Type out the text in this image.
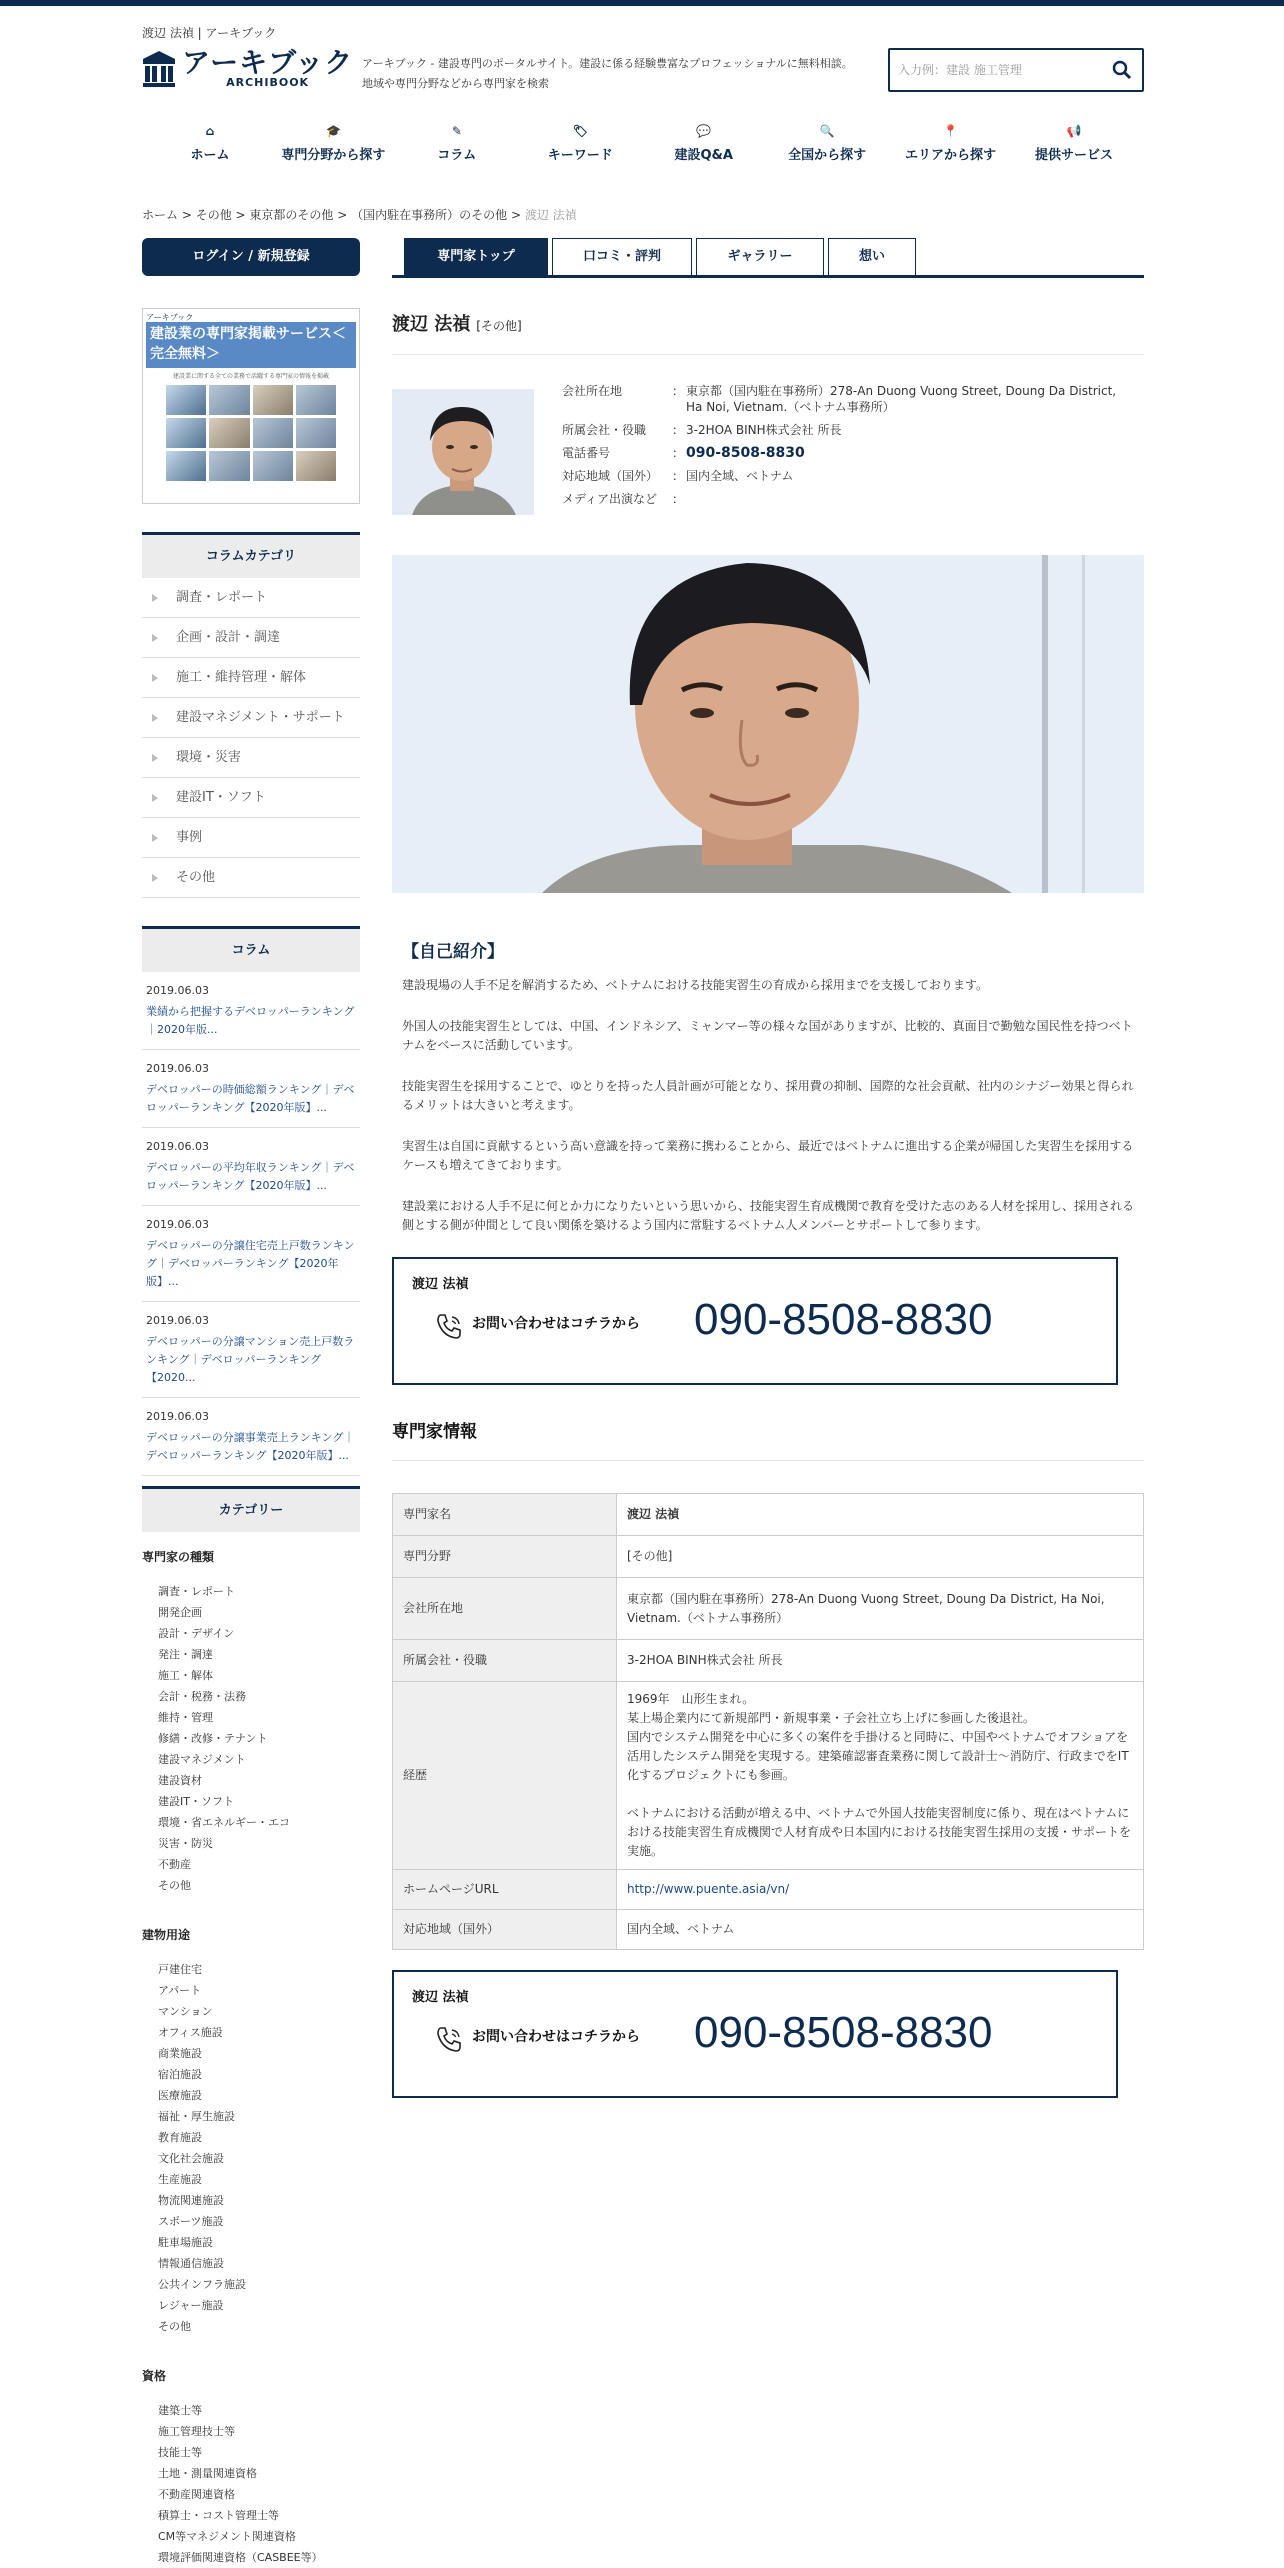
渡辺 法禎 | アーキブック
アーキブック
ARCHIBOOK
アーキブック - 建設専門のポータルサイト。建設に係る経験豊富なプロフェッショナルに無料相談。地域や専門分野などから専門家を検索
入力例：建設 施工管理
⌂
ホーム
🎓
専門分野から探す
✎
コラム
🏷
キーワード
💬
建設Q&A
🔍
全国から探す
📍
エリアから探す
📢
提供サービス
ホーム > その他 > 東京都のその他 > （国内駐在事務所）のその他 > 渡辺 法禎
ログイン / 新規登録
アーキブック
建設業の専門家掲載サービス＜完全無料＞
建設業に関する全ての業務で活躍する専門家の情報を掲載
コラムカテゴリ
調査・レポート
企画・設計・調達
施工・維持管理・解体
建設マネジメント・サポート
環境・災害
建設IT・ソフト
事例
その他
コラム
2019.06.03
業績から把握するデベロッパーランキング｜2020年版...
2019.06.03
デベロッパーの時価総額ランキング｜デベロッパーランキング【2020年版】...
2019.06.03
デベロッパーの平均年収ランキング｜デベロッパーランキング【2020年版】...
2019.06.03
デベロッパーの分譲住宅売上戸数ランキング｜デベロッパーランキング【2020年版】...
2019.06.03
デベロッパーの分譲マンション売上戸数ランキング｜デベロッパーランキング【2020...
2019.06.03
デベロッパーの分譲事業売上ランキング｜デベロッパーランキング【2020年版】...
カテゴリー
専門家の種類
調査・レポート
開発企画
設計・デザイン
発注・調達
施工・解体
会計・税務・法務
維持・管理
修繕・改修・テナント
建設マネジメント
建設資材
建設IT・ソフト
環境・省エネルギー・エコ
災害・防災
不動産
その他
建物用途
戸建住宅
アパート
マンション
オフィス施設
商業施設
宿泊施設
医療施設
福祉・厚生施設
教育施設
文化社会施設
生産施設
物流関連施設
スポーツ施設
駐車場施設
情報通信施設
公共インフラ施設
レジャー施設
その他
資格
建築士等
施工管理技士等
技能士等
土地・測量関連資格
不動産関連資格
積算士・コスト管理士等
CM等マネジメント関連資格
環境評価関連資格（CASBEE等）
専門家トップ	口コミ・評判	ギャラリー	想い
渡辺 法禎 [その他]
会社所在地	： 東京都（国内駐在事務所）278-An Duong Vuong Street, Doung Da District, Ha Noi, Vietnam.（ベトナム事務所）
所属会社・役職	： 3-2HOA BINH株式会社 所長
電話番号	： 090-8508-8830
対応地域（国外）	： 国内全域、ベトナム
メディア出演など	：
【自己紹介】

建設現場の人手不足を解消するため、ベトナムにおける技能実習生の育成から採用までを支援しております。

外国人の技能実習生としては、中国、インドネシア、ミャンマー等の様々な国がありますが、比較的、真面目で勤勉な国民性を持つベトナムをベースに活動しています。

技能実習生を採用することで、ゆとりを持った人員計画が可能となり、採用費の抑制、国際的な社会貢献、社内のシナジー効果と得られるメリットは大きいと考えます。

実習生は自国に貢献するという高い意識を持って業務に携わることから、最近ではベトナムに進出する企業が帰国した実習生を採用するケースも増えてきております。

建設業における人手不足に何とか力になりたいという思いから、技能実習生育成機関で教育を受けた志のある人材を採用し、採用される側とする側が仲間として良い関係を築けるよう国内に常駐するベトナム人メンバーとサポートして参ります。

渡辺 法禎
お問い合わせはコチラから 090-8508-8830
専門家情報
専門家名	渡辺 法禎
専門分野	[その他]
会社所在地	東京都（国内駐在事務所）278-An Duong Vuong Street, Doung Da District, Ha Noi, Vietnam.（ベトナム事務所）
所属会社・役職	3-2HOA BINH株式会社 所長
経歴	1969年　山形生まれ。
某上場企業内にて新規部門・新規事業・子会社立ち上げに参画した後退社。
国内でシステム開発を中心に多くの案件を手掛けると同時に、中国やベトナムでオフショアを活用したシステム開発を実現する。建築確認審査業務に関して設計士～消防庁、行政までをIT化するプロジェクトにも参画。
ベトナムにおける活動が増える中、ベトナムで外国人技能実習制度に係り、現在はベトナムにおける技能実習生育成機関で人材育成や日本国内における技能実習生採用の支援・サポートを実施。

ホームページURL	http://www.puente.asia/vn/
対応地域（国外）	国内全域、ベトナム
渡辺 法禎
お問い合わせはコチラから 090-8508-8830
